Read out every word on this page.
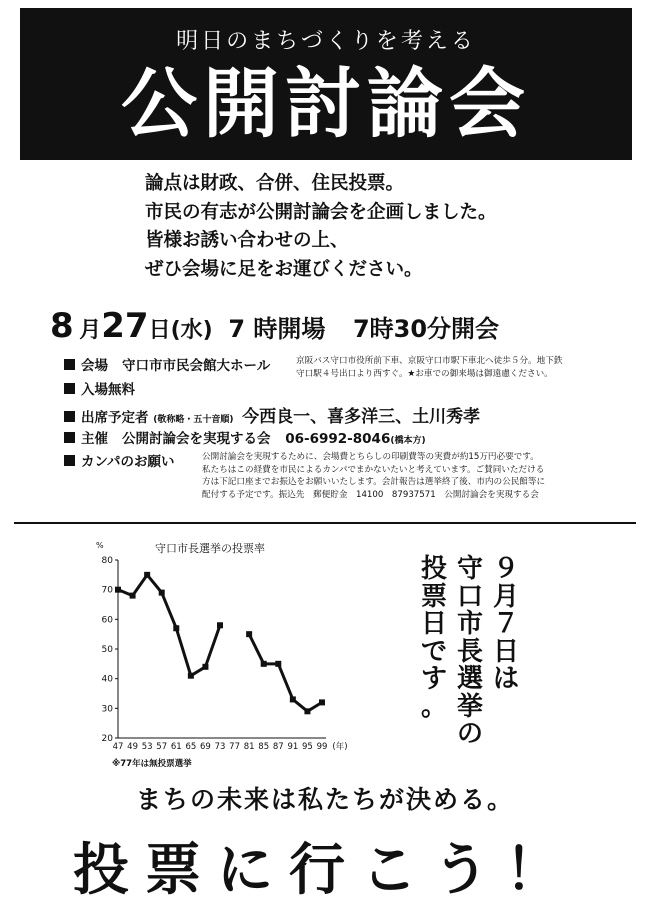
明日のまちづくりを考える
公開討論会
論点は財政、合併、住民投票。
市民の有志が公開討論会を企画しました。
皆様お誘い合わせの上、
ぜひ会場に足をお運びください。
8 月27日(水) 7 時開場 7時30分開会
会場 守口市市民会館大ホール	京阪バス守口市役所前下車、京阪守口市駅下車北へ徒歩５分。地下鉄
守口駅４号出口より西すぐ。★お車での御来場は御遠慮ください。
入場無料
出席予定者 (敬称略・五十音順) 今西良一、喜多洋三、土川秀孝
主催 公開討論会を実現する会 06-6992-8046(橋本方)
カンパのお願い	公開討論会を実現するために、会場費とちらしの印刷費等の実費が約15万円必要です。
私たちはこの経費を市民によるカンパでまかないたいと考えています。ご賛同いただける
方は下記口座までお振込をお願いいたします。会計報告は選挙終了後、市内の公民館等に
配付する予定です。振込先　郵便貯金　14100　87937571　公開討論会を実現する会
守口市長選挙の投票率
%
20
30
40
50
60
70
80
47 49 53 57 61 65 69 73 77 81 85 87 91 95 99 (年)
※77年は無投票選挙
９
月
７
日
は
守
口
市
長
選
挙
の
投
票
日
で
す
。
まちの未来は私たちが決める。
投票に行こう！
